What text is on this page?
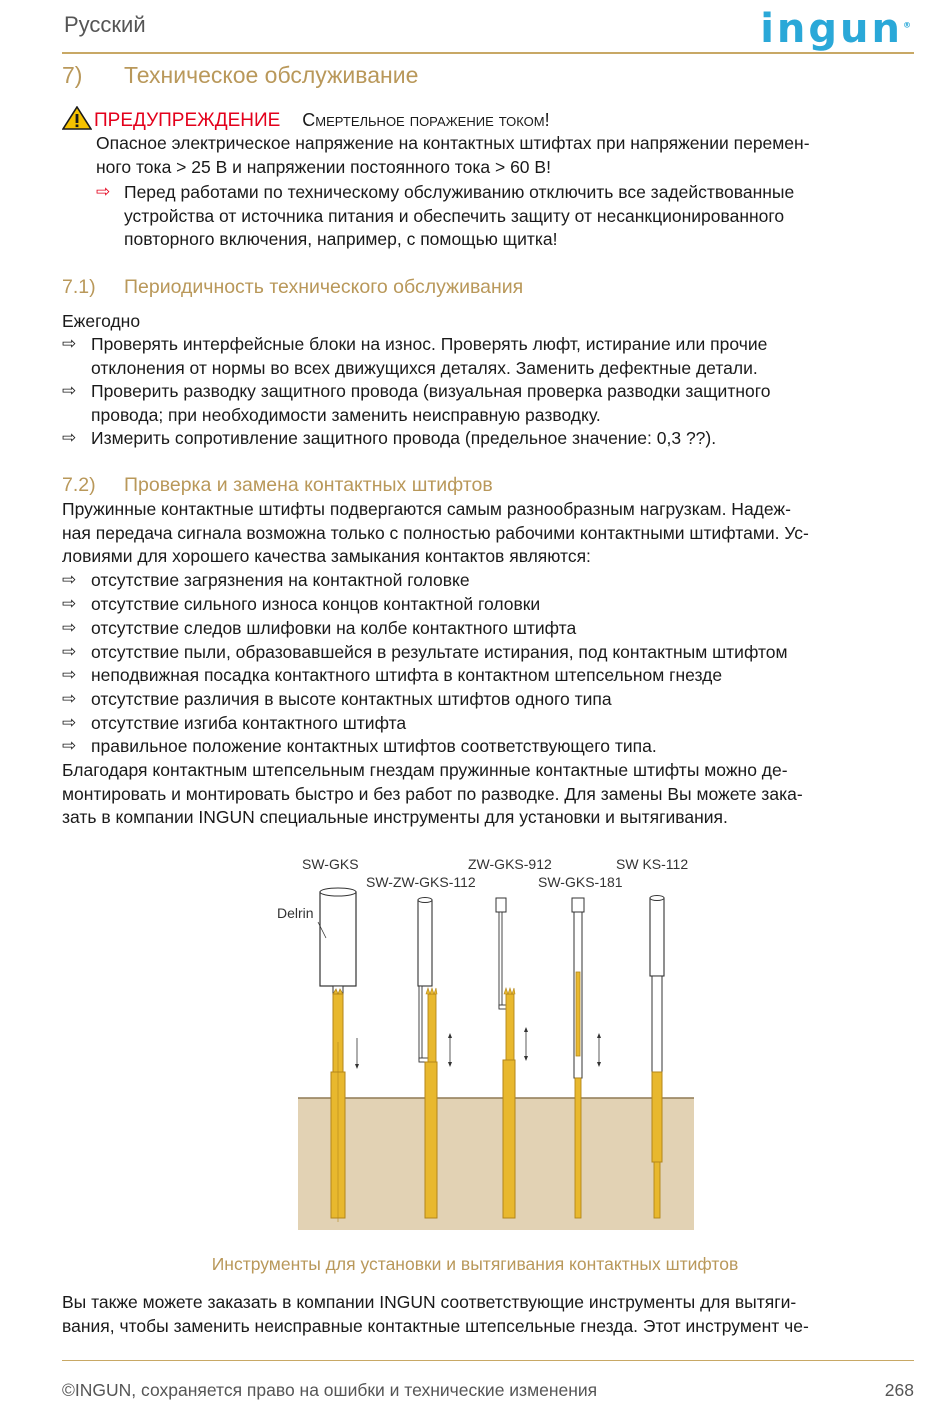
Русский	ingun®
7) Техническое обслуживание
ПРЕДУПРЕЖДЕНИЕ Смертельное поражение током!
Опасное электрическое напряжение на контактных штифтах при напряжении перемен-
ного тока > 25 В и напряжении постоянного тока > 60 В!
⇨ Перед работами по техническому обслуживанию отключить все задействованные
устройства от источника питания и обеспечить защиту от несанкционированного
повторного включения, например, с помощью щитка!
7.1) Периодичность технического обслуживания
Ежегодно
⇨ Проверять интерфейсные блоки на износ. Проверять люфт, истирание или прочие
отклонения от нормы во всех движущихся деталях. Заменить дефектные детали.
⇨ Проверить разводку защитного провода (визуальная проверка разводки защитного
провода; при необходимости заменить неисправную разводку.
⇨ Измерить сопротивление защитного провода (предельное значение: 0,3 ??).
7.2) Проверка и замена контактных штифтов
Пружинные контактные штифты подвергаются самым разнообразным нагрузкам. Надеж-
ная передача сигнала возможна только с полностью рабочими контактными штифтами. Ус-
ловиями для хорошего качества замыкания контактов являются:
⇨ отсутствие загрязнения на контактной головке
⇨ отсутствие сильного износа концов контактной головки
⇨ отсутствие следов шлифовки на колбе контактного штифта
⇨ отсутствие пыли, образовавшейся в результате истирания, под контактным штифтом
⇨ неподвижная посадка контактного штифта в контактном штепсельном гнезде
⇨ отсутствие различия в высоте контактных штифтов одного типа
⇨ отсутствие изгиба контактного штифта
⇨ правильное положение контактных штифтов соответствующего типа.
Благодаря контактным штепсельным гнездам пружинные контактные штифты можно де-
монтировать и монтировать быстро и без работ по разводке. Для замены Вы можете зака-
зать в компании INGUN специальные инструменты для установки и вытягивания.
SW-GKS
SW-ZW-GKS-112
ZW-GKS-912
SW-GKS-181
SW KS-112
Delrin
Инструменты для установки и вытягивания контактных штифтов
Вы также можете заказать в компании INGUN соответствующие инструменты для вытяги-
вания, чтобы заменить неисправные контактные штепсельные гнезда. Этот инструмент че-
©INGUN, сохраняется право на ошибки и технические изменения	268
